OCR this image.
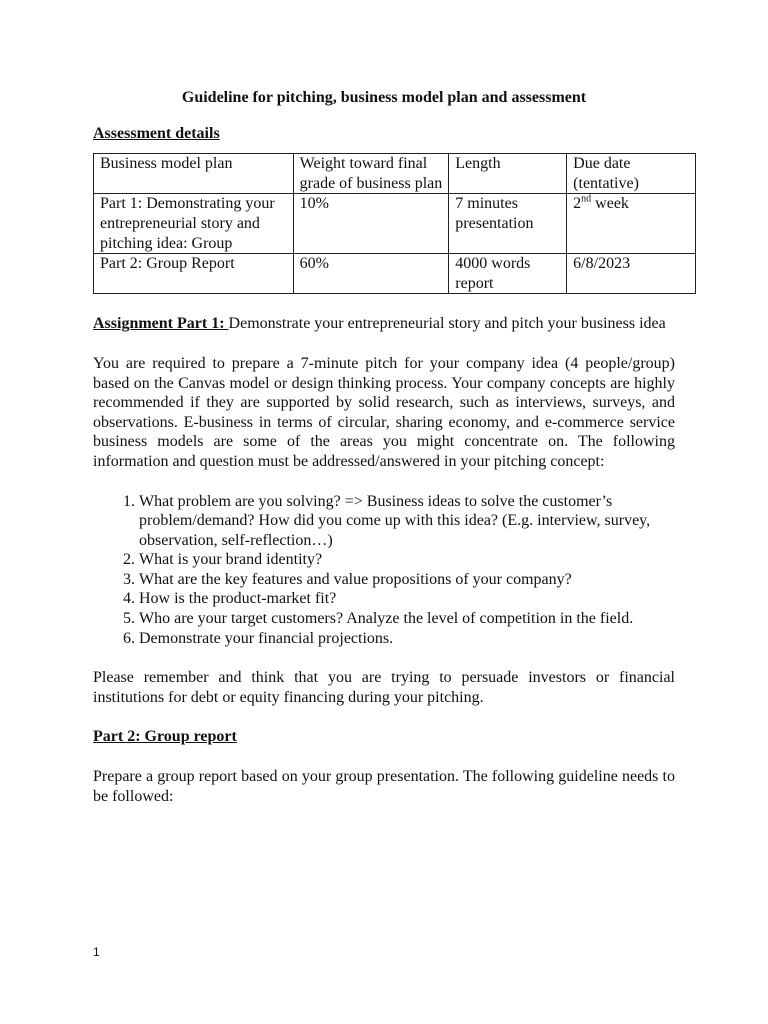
Guideline for pitching, business model plan and assessment
Assessment details
Business model plan	Weight toward final grade of business plan	Length	Due date (tentative)
Part 1: Demonstrating your entrepreneurial story and pitching idea: Group	10%	7 minutes presentation	2nd week
Part 2: Group Report	60%	4000 words report	6/8/2023

Assignment Part 1: Demonstrate your entrepreneurial story and pitch your business idea

You are required to prepare a 7-minute pitch for your company idea (4 people/group) based on the Canvas model or design thinking process. Your company concepts are highly recommended if they are supported by solid research, such as interviews, surveys, and observations. E-business in terms of circular, sharing economy, and e-commerce service business models are some of the areas you might concentrate on. The following information and question must be addressed/answered in your pitching concept:

1. What problem are you solving? => Business ideas to solve the customer’s problem/demand? How did you come up with this idea? (E.g. interview, survey, observation, self-reflection…)
2. What is your brand identity?
3. What are the key features and value propositions of your company?
4. How is the product-market fit?
5. Who are your target customers? Analyze the level of competition in the field.
6. Demonstrate your financial projections.

Please remember and think that you are trying to persuade investors or financial institutions for debt or equity financing during your pitching.

Part 2: Group report

Prepare a group report based on your group presentation. The following guideline needs to be followed:

1
